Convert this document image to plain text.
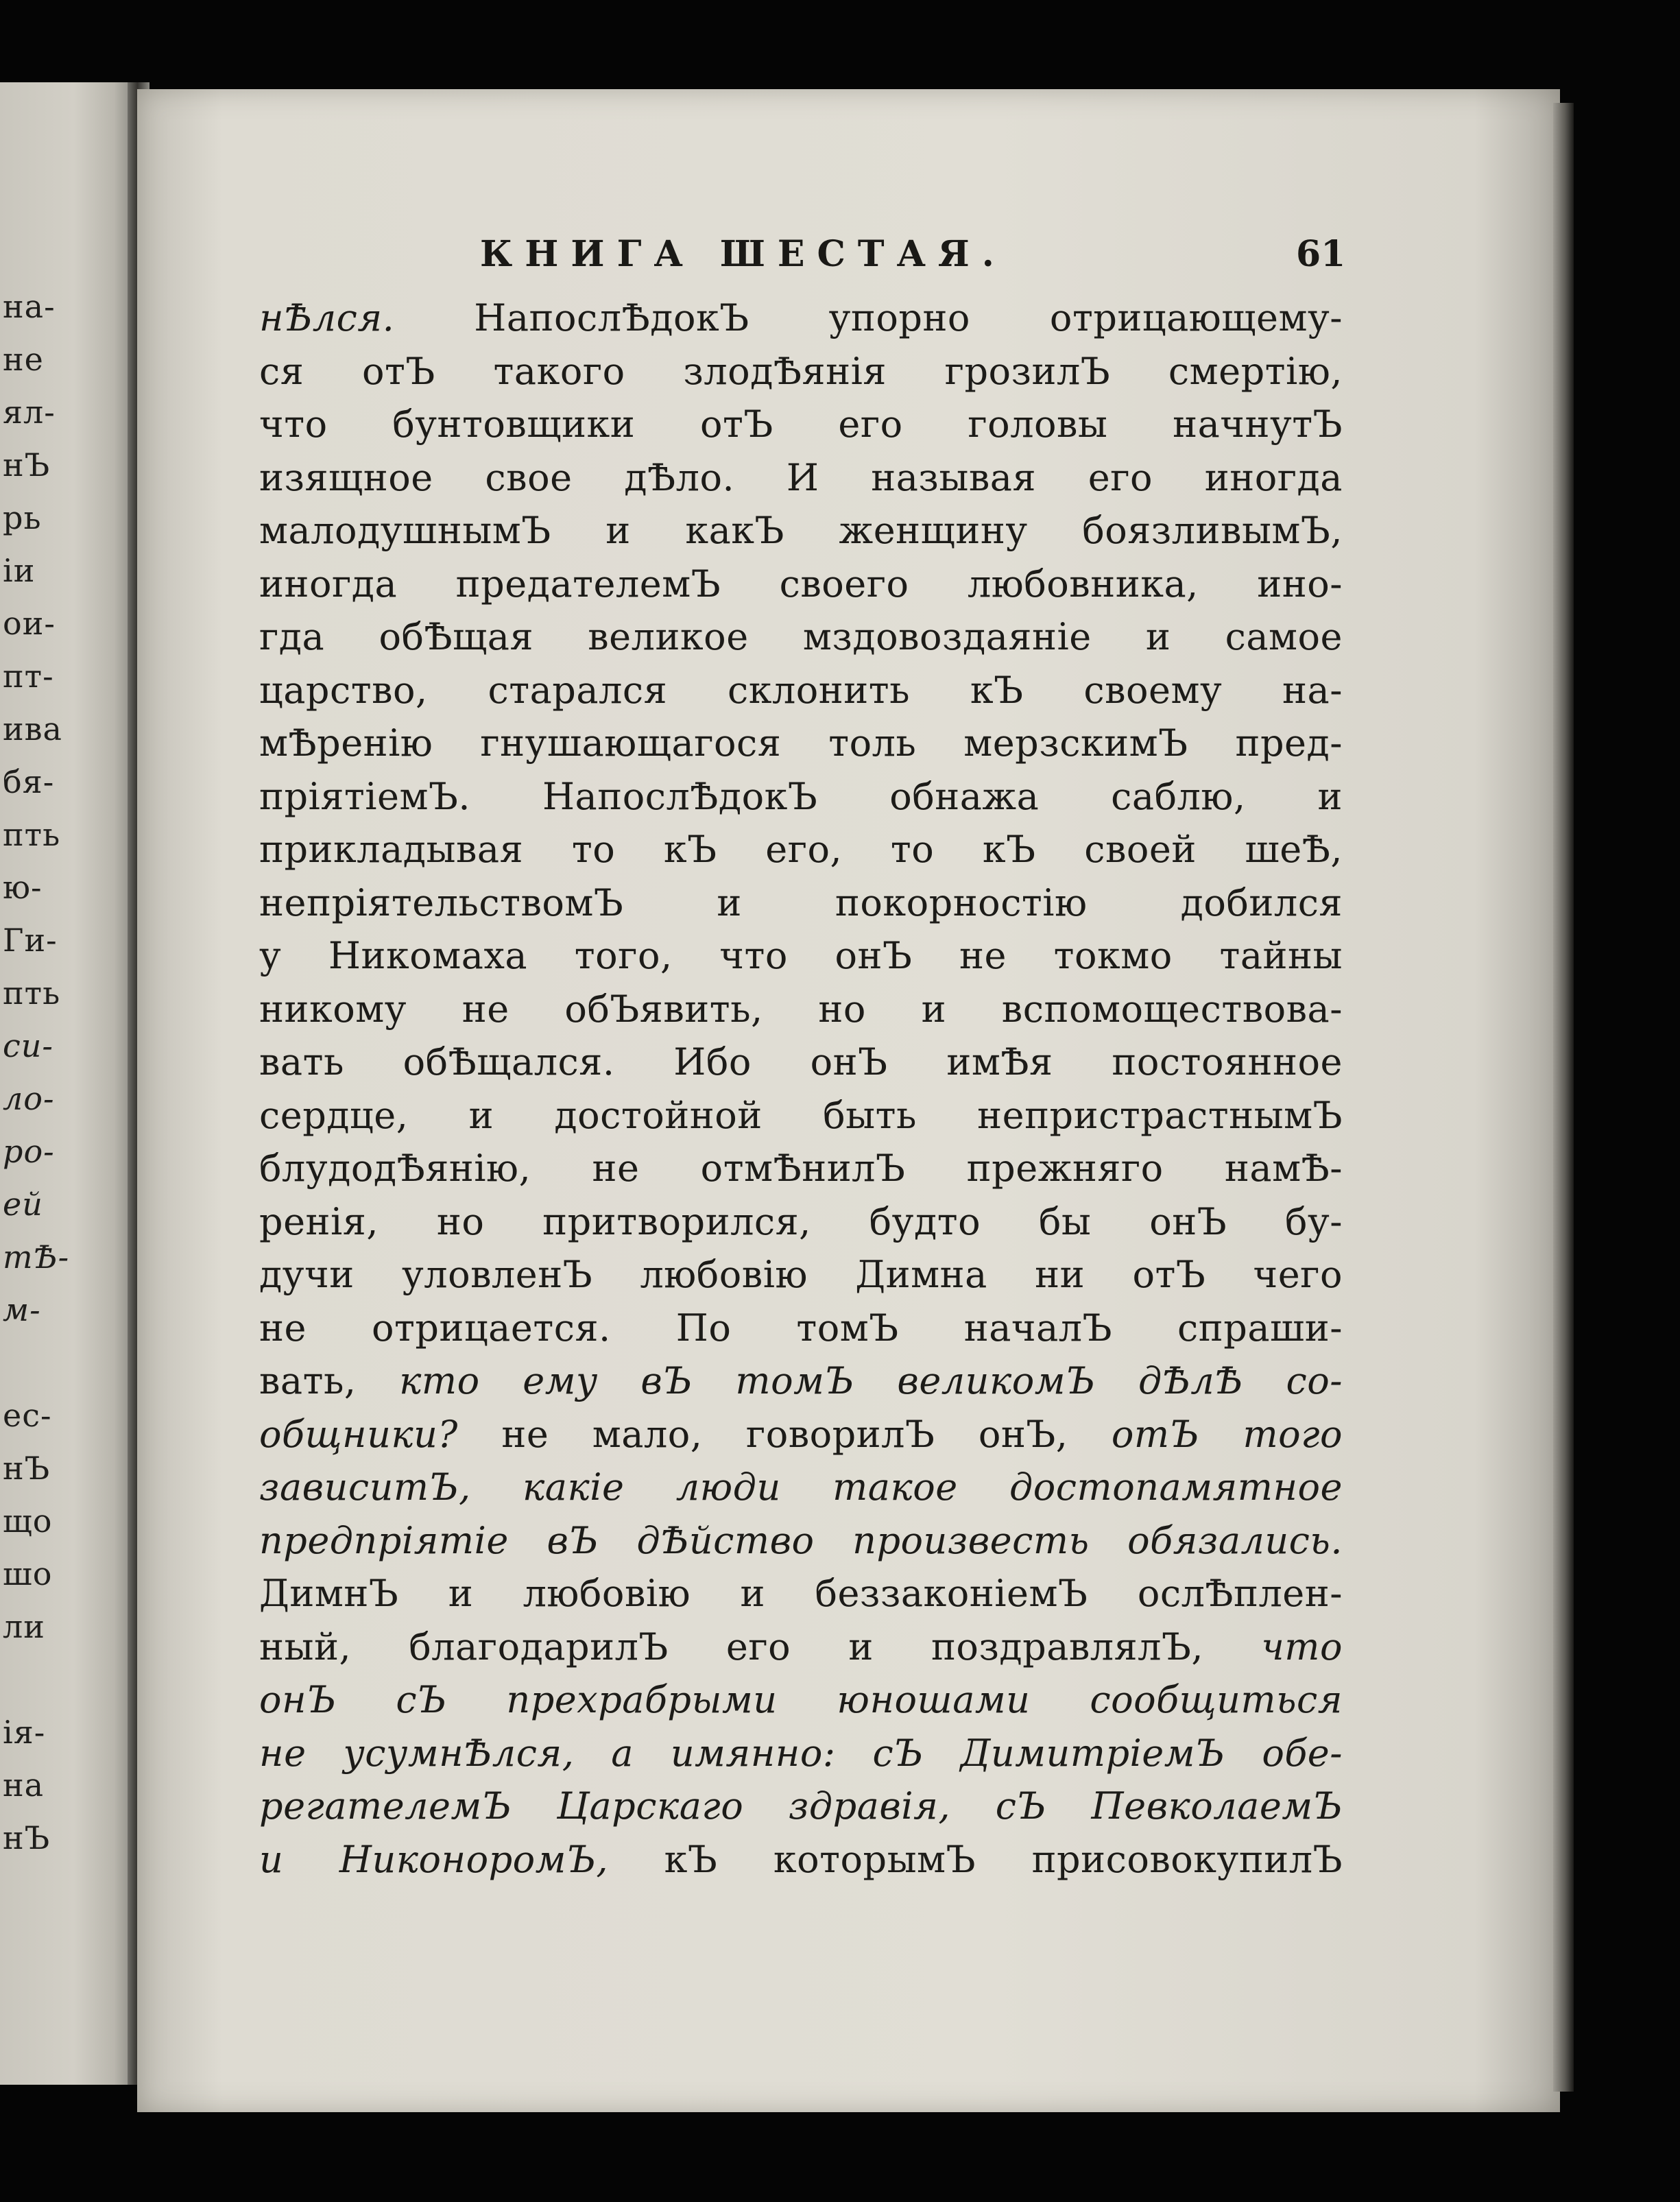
на-
не
ял-
нЪ
рь
іи
ои-
пт-
ива
бя-
пть
ю-
Ги-
пть
си-
ло-
ро-
ей
тѢ-
м-
ес-
нЪ
що
шо
ли
ія-
на
нЪ
КНИГА ШЕСТАЯ.	61
нѢлся. НапослѢдокЪ упорно отрицающему-
ся отЪ такого злодѢянія грозилЪ смертію,
что бунтовщики отЪ его головы начнутЪ
изящное свое дѢло. И называя его иногда
малодушнымЪ и какЪ женщину боязливымЪ,
иногда предателемЪ своего любовника, ино-
гда обѢщая великое мздовоздаяніе и самое
царство, старался склонить кЪ своему на-
мѢренію гнушающагося толь мерзскимЪ пред-
пріятіемЪ. НапослѢдокЪ обнажа саблю, и
прикладывая то кЪ его, то кЪ своей шеѢ,
непріятельствомЪ и покорностію добился
у Никомаха того, что онЪ не токмо тайны
никому не обЪявить, но и вспомоществова-
вать обѢщался. Ибо онЪ имѢя постоянное
сердце, и достойной быть непристрастнымЪ
блудодѢянію, не отмѢнилЪ прежняго намѢ-
ренія, но притворился, будто бы онЪ бу-
дучи уловленЪ любовію Димна ни отЪ чего
не отрицается. По томЪ началЪ спраши-
вать, кто ему вЪ томЪ великомЪ дѢлѢ со-
общники? не мало, говорилЪ онЪ, отЪ того
зависитЪ, какіе люди такое достопамятное
предпріятіе вЪ дѢйство произвесть обязались.
ДимнЪ и любовію и беззаконіемЪ ослѢплен-
ный, благодарилЪ его и поздравлялЪ, что
онЪ сЪ прехрабрыми юношами сообщиться
не усумнѢлся, а имянно: сЪ ДимитріемЪ обе-
регателемЪ Царскаго здравія, сЪ ПевколаемЪ
и НиконоромЪ, кЪ которымЪ присовокупилЪ
